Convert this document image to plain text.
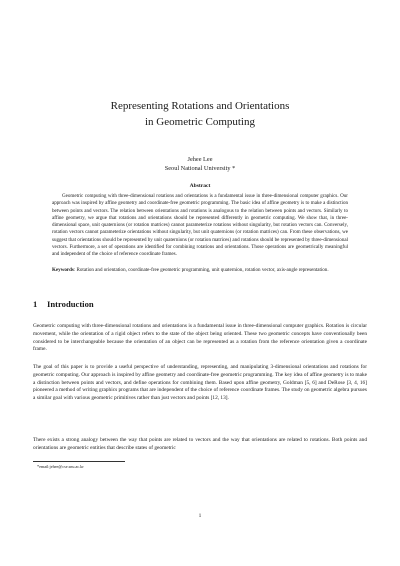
Representing Rotations and Orientations
in Geometric Computing
Jehee Lee
Seoul National University *
Abstract

Geometric computing with three-dimensional rotations and orientations is a fundamental issue in three-dimensional computer graphics. Our approach was inspired by affine geometry and coordinate-free geometric programming. The basic idea of affine geometry is to make a distinction between points and vectors. The relation between orientations and rotations is analogous to the relation between points and vectors. Similarly to affine geometry, we argue that rotations and orientations should be represented differently in geometric computing. We show that, in three-dimensional space, unit quaternions (or rotation matrices) cannot parameterize rotations without singularity, but rotation vectors can. Conversely, rotation vectors cannot parameterize orientations without singularity, but unit quaternions (or rotation matrices) can. From these observations, we suggest that orientations should be represented by unit quaternions (or rotation matrices) and rotations should be represented by three-dimensional vectors. Furthermore, a set of operations are identified for combining rotations and orientations. Those operations are geometrically meaningful and independent of the choice of reference coordinate frames.

Keywords: Rotation and orientation, coordinate-free geometric programming, unit quaternion, rotation vector, axis-angle representation.

1 Introduction

Geometric computing with three-dimensional rotations and orientations is a fundamental issue in three-dimensional computer graphics. Rotation is circular movement, while the orientation of a rigid object refers to the state of the object being oriented. These two geometric concepts have conventionally been considered to be interchangeable because the orientation of an object can be represented as a rotation from the reference orientation given a coordinate frame.

The goal of this paper is to provide a useful perspective of understanding, representing, and manipulating 3-dimensional orientations and rotations for geometric computing. Our approach is inspired by affine geometry and coordinate-free geometric programming. The key idea of affine geometry is to make a distinction between points and vectors, and define operations for combining them. Based upon affine geometry, Goldman [5, 6] and DeRose [3, 4, 16] pioneered a method of writing graphics programs that are independent of the choice of reference coordinate frames. The study on geometric algebra pursues a similar goal with various geometric primitives rather than just vectors and points [12, 13].

There exists a strong analogy between the way that points are related to vectors and the way that orientations are related to rotations. Both points and orientations are geometric entities that describe states of geometric

*email:jehee@cse.snu.ac.kr
1
